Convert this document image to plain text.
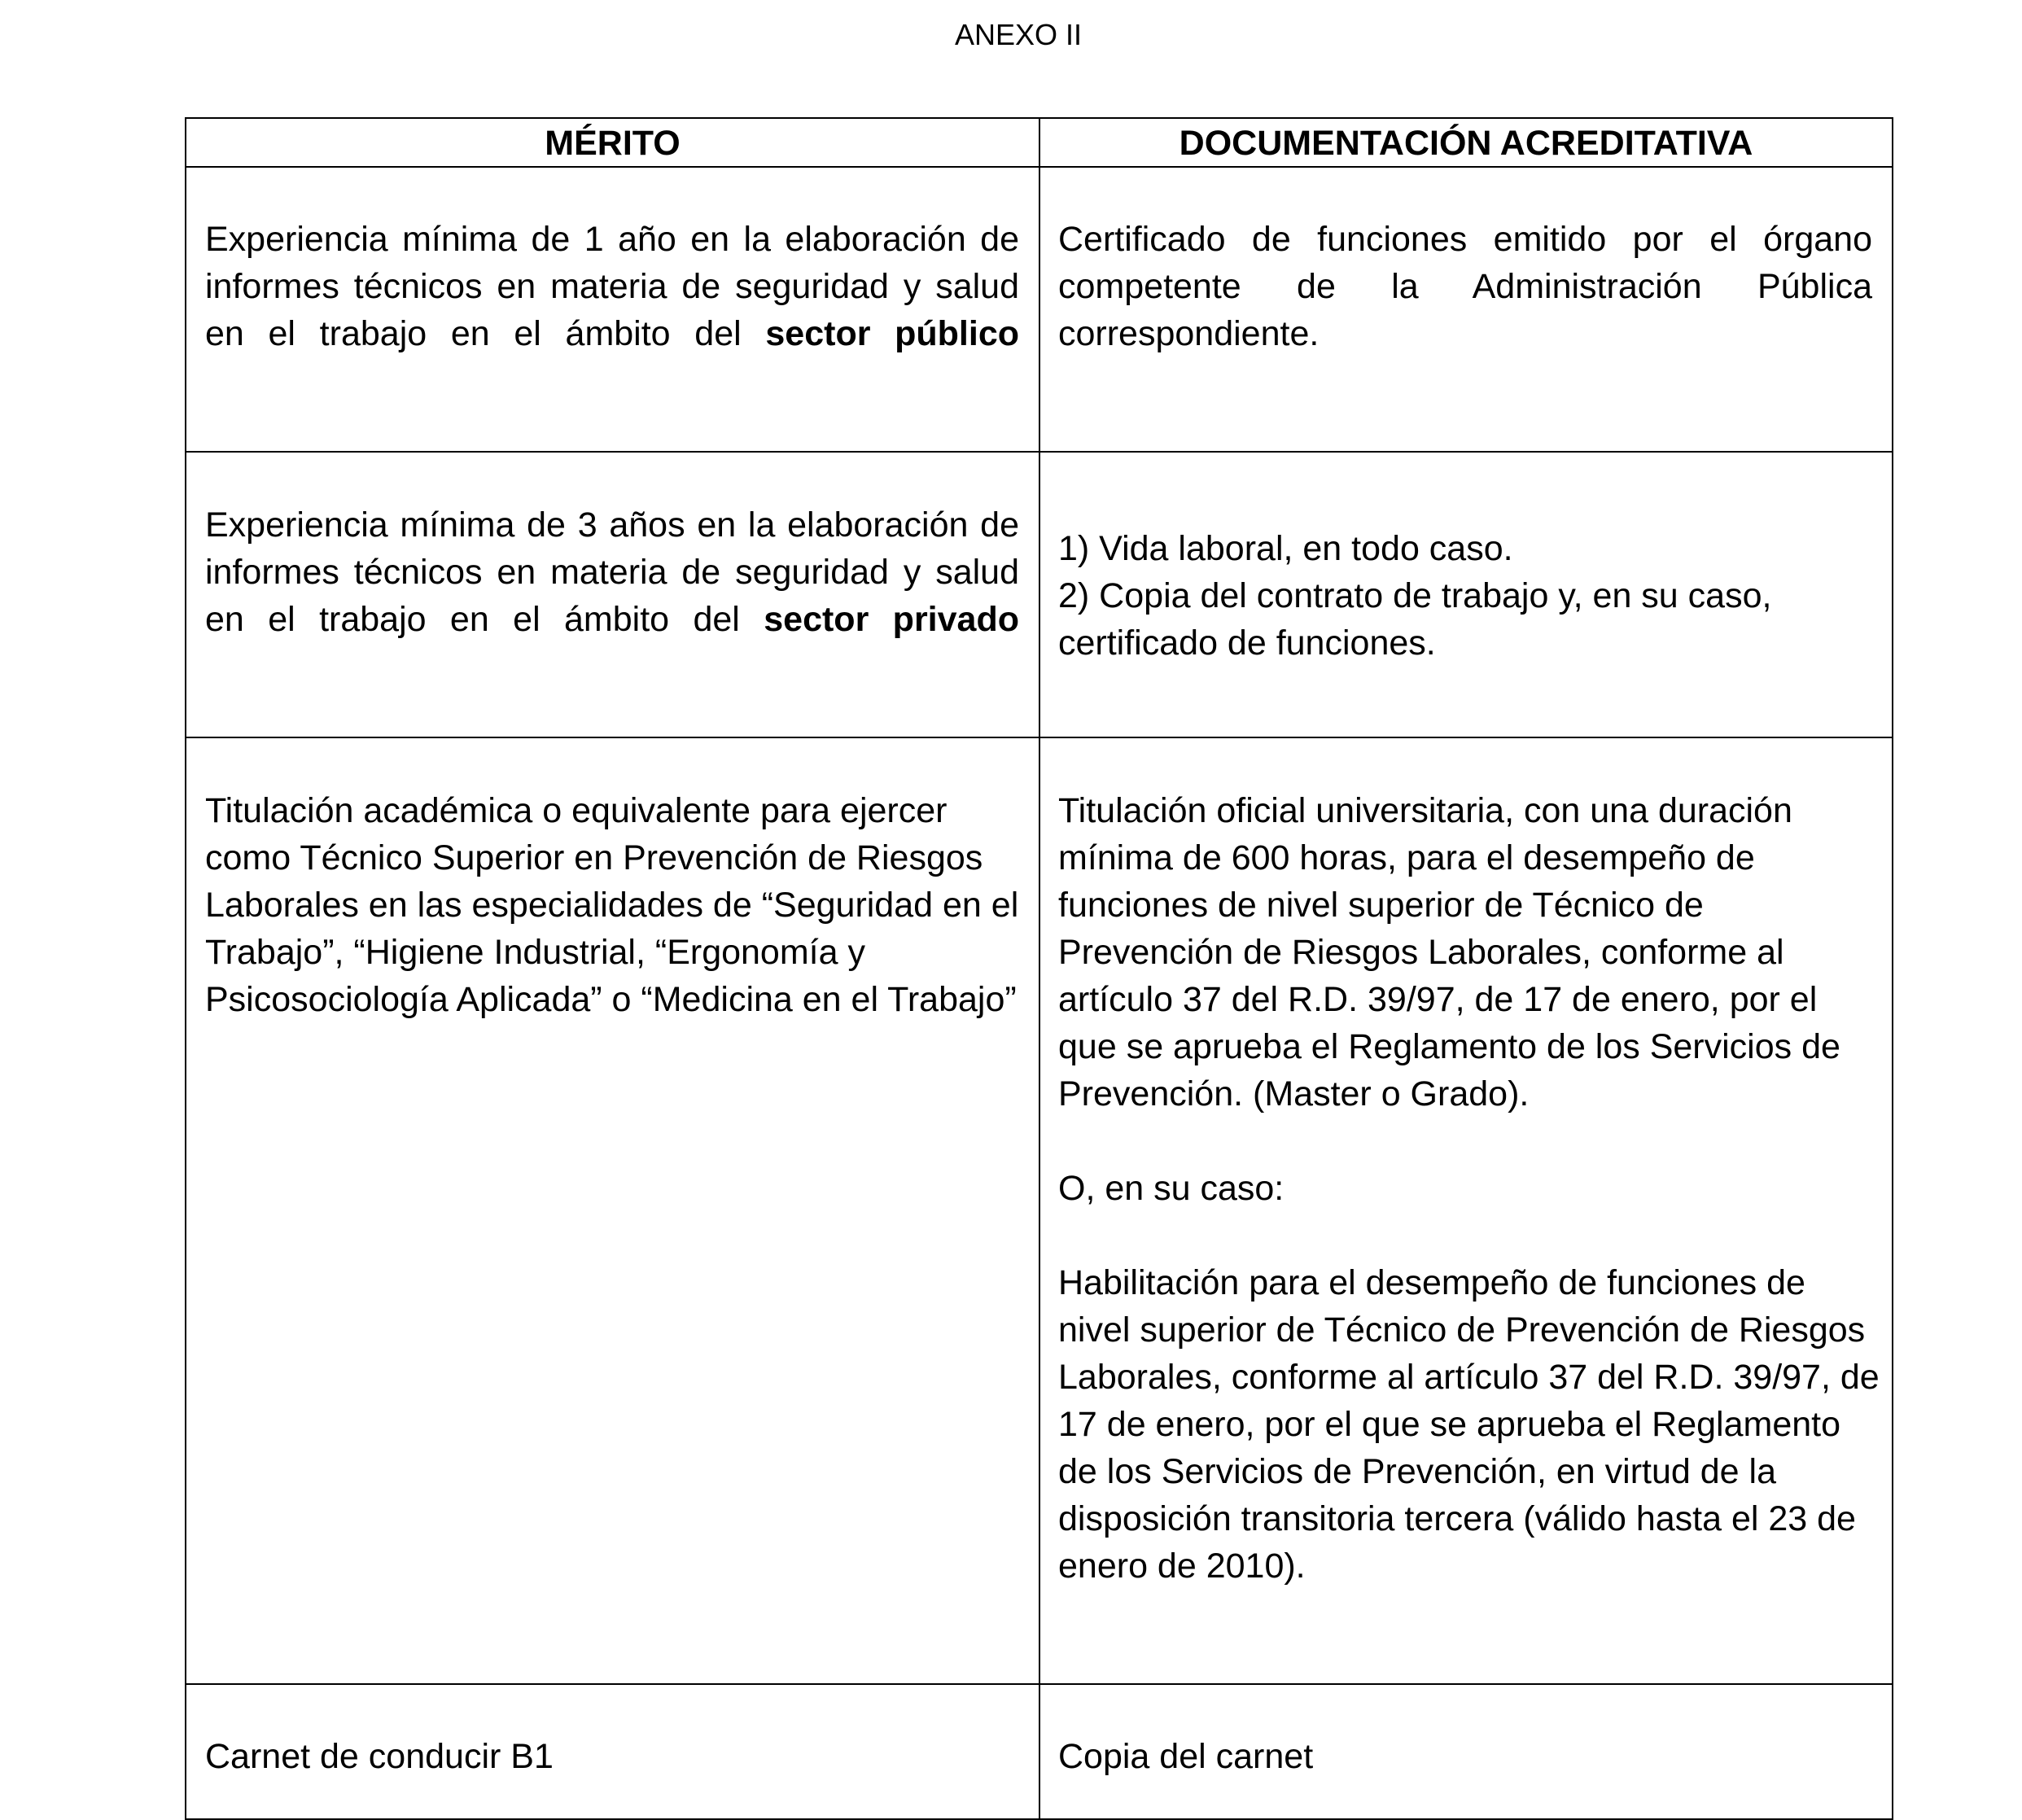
ANEXO II
MÉRITO	DOCUMENTACIÓN ACREDITATIVA
Experiencia mínima de 1 año en la elaboración de informes técnicos en materia de seguridad y salud en el trabajo en el ámbito del sector público

Certificado de funciones emitido por el órgano competente de la Administración Pública correspondiente.

Experiencia mínima de 3 años en la elaboración de informes técnicos en materia de seguridad y salud en el trabajo en el ámbito del sector privado

1) Vida laboral, en todo caso.

2) Copia del contrato de trabajo y, en su caso, certificado de funciones.

Titulación académica o equivalente para ejercer como Técnico Superior en Prevención de Riesgos Laborales en las especialidades de “Seguridad en el Trabajo”, “Higiene Industrial, “Ergonomía y Psicosociología Aplicada” o “Medicina en el Trabajo”

Titulación oficial universitaria, con una duración mínima de 600 horas, para el desempeño de funciones de nivel superior de Técnico de Prevención de Riesgos Laborales, conforme al artículo 37 del R.D. 39/97, de 17 de enero, por el que se aprueba el Reglamento de los Servicios de Prevención. (Master o Grado).

O, en su caso:

Habilitación para el desempeño de funciones de nivel superior de Técnico de Prevención de Riesgos Laborales, conforme al artículo 37 del R.D. 39/97, de 17 de enero, por el que se aprueba el Reglamento de los Servicios de Prevención, en virtud de la disposición transitoria tercera (válido hasta el 23 de enero de 2010).

Carnet de conducir B1	Copia del carnet
